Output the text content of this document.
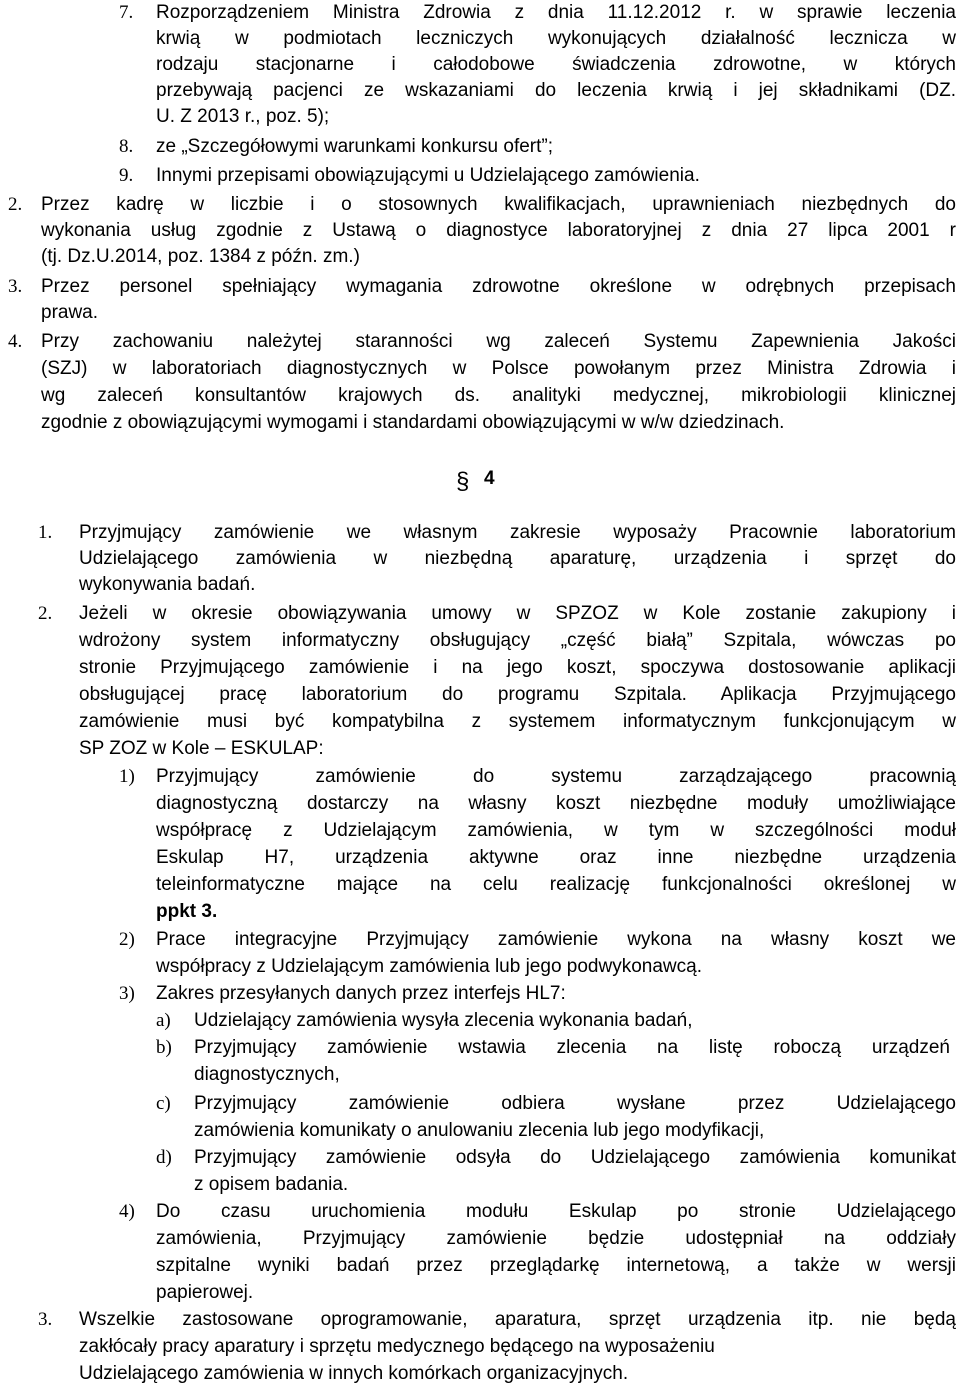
7. Rozporządzeniem Ministra Zdrowia z dnia 11.12.2012 r. w sprawie leczenia
krwią w podmiotach leczniczych wykonujących działalność lecznicza w
rodzaju stacjonarne i całodobowe świadczenia zdrowotne, w których
przebywają pacjenci ze wskazaniami do leczenia krwią i jej składnikami (DZ.
U. Z 2013 r., poz. 5);
8. ze „Szczegółowymi warunkami konkursu ofert”;
9. Innymi przepisami obowiązującymi u Udzielającego zamówienia.
2. Przez kadrę w liczbie i o stosownych kwalifikacjach, uprawnieniach niezbędnych do
wykonania usług zgodnie z Ustawą o diagnostyce laboratoryjnej z dnia 27 lipca 2001 r
(tj. Dz.U.2014, poz. 1384 z późn. zm.)
3. Przez personel spełniający wymagania zdrowotne określone w odrębnych przepisach
prawa.
4. Przy zachowaniu należytej staranności wg zaleceń Systemu Zapewnienia Jakości
(SZJ) w laboratoriach diagnostycznych w Polsce powołanym przez Ministra Zdrowia i
wg zaleceń konsultantów krajowych ds. analityki medycznej, mikrobiologii klinicznej
zgodnie z obowiązującymi wymogami i standardami obowiązującymi w w/w dziedzinach.
§ 4
1. Przyjmujący zamówienie we własnym zakresie wyposaży Pracownie laboratorium
Udzielającego zamówienia w niezbędną aparaturę, urządzenia i sprzęt do
wykonywania badań.
2. Jeżeli w okresie obowiązywania umowy w SPZOZ w Kole zostanie zakupiony i
wdrożony system informatyczny obsługujący „część białą” Szpitala, wówczas po
stronie Przyjmującego zamówienie i na jego koszt, spoczywa dostosowanie aplikacji
obsługującej pracę laboratorium do programu Szpitala. Aplikacja Przyjmującego
zamówienie musi być kompatybilna z systemem informatycznym funkcjonującym w
SP ZOZ w Kole – ESKULAP:
1) Przyjmujący zamówienie do systemu zarządzającego pracownią
diagnostyczną dostarczy na własny koszt niezbędne moduły umożliwiające
współpracę z Udzielającym zamówienia, w tym w szczególności moduł
Eskulap H7, urządzenia aktywne oraz inne niezbędne urządzenia
teleinformatyczne mające na celu realizację funkcjonalności określonej w
ppkt 3.
2) Prace integracyjne Przyjmujący zamówienie wykona na własny koszt we
współpracy z Udzielającym zamówienia lub jego podwykonawcą.
3) Zakres przesyłanych danych przez interfejs HL7:
a) Udzielający zamówienia wysyła zlecenia wykonania badań,
b) Przyjmujący zamówienie wstawia zlecenia na listę roboczą urządzeń
diagnostycznych,
c) Przyjmujący zamówienie odbiera wysłane przez Udzielającego
zamówienia komunikaty o anulowaniu zlecenia lub jego modyfikacji,
d) Przyjmujący zamówienie odsyła do Udzielającego zamówienia komunikat
z opisem badania.
4) Do czasu uruchomienia modułu Eskulap po stronie Udzielającego
zamówienia, Przyjmujący zamówienie będzie udostępniał na oddziały
szpitalne wyniki badań przez przeglądarkę internetową, a także w wersji
papierowej.
3. Wszelkie zastosowane oprogramowanie, aparatura, sprzęt urządzenia itp. nie będą
zakłócały pracy aparatury i sprzętu medycznego będącego na wyposażeniu
Udzielającego zamówienia w innych komórkach organizacyjnych.
